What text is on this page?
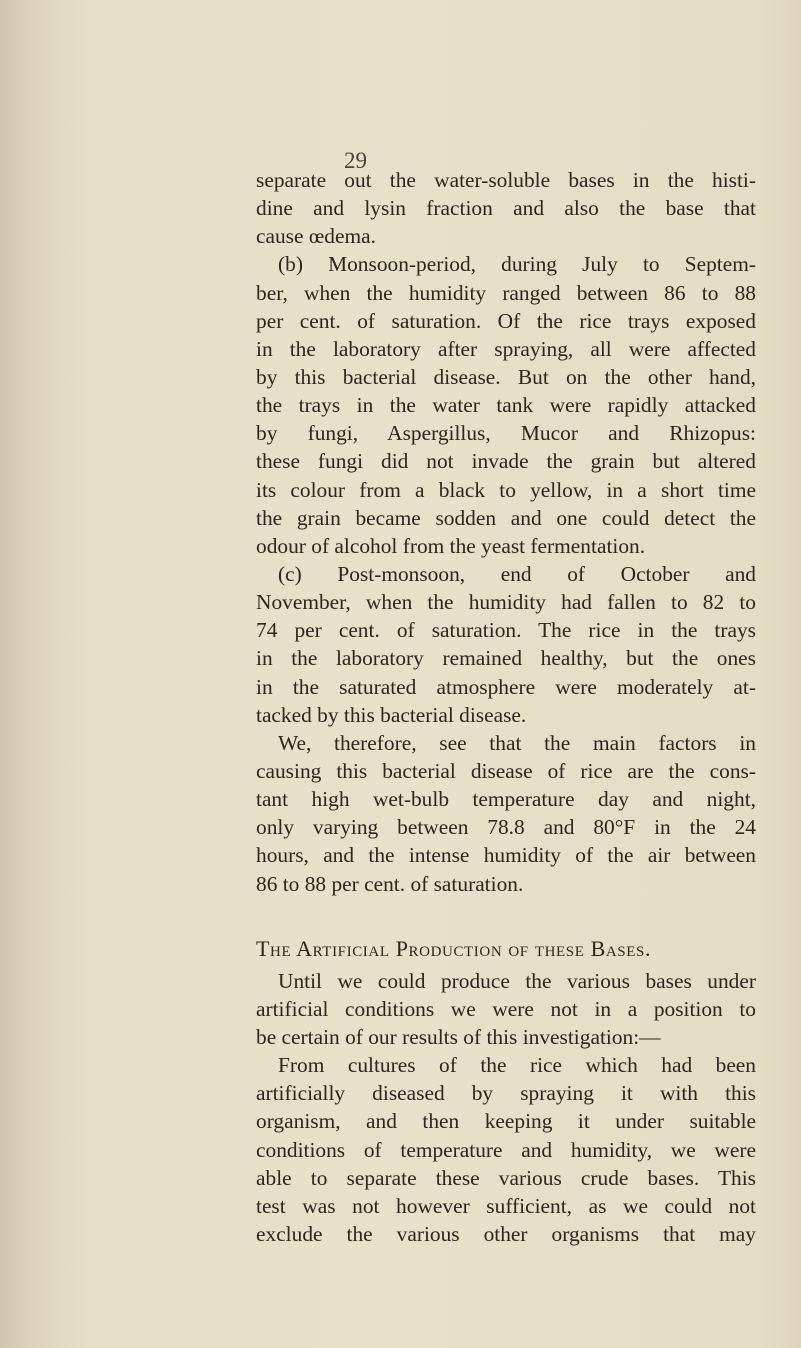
29
separate out the water-soluble bases in the histi-
dine and lysin fraction and also the base that
cause œdema.
(b) Monsoon-period, during July to Septem-
ber, when the humidity ranged between 86 to 88
per cent. of saturation. Of the rice trays exposed
in the laboratory after spraying, all were affected
by this bacterial disease. But on the other hand,
the trays in the water tank were rapidly attacked
by fungi, Aspergillus, Mucor and Rhizopus:
these fungi did not invade the grain but altered
its colour from a black to yellow, in a short time
the grain became sodden and one could detect the
odour of alcohol from the yeast fermentation.
(c) Post-monsoon, end of October and
November, when the humidity had fallen to 82 to
74 per cent. of saturation. The rice in the trays
in the laboratory remained healthy, but the ones
in the saturated atmosphere were moderately at-
tacked by this bacterial disease.
We, therefore, see that the main factors in
causing this bacterial disease of rice are the cons-
tant high wet-bulb temperature day and night,
only varying between 78.8 and 80°F in the 24
hours, and the intense humidity of the air between
86 to 88 per cent. of saturation.
The Artificial Production of these Bases.
Until we could produce the various bases under
artificial conditions we were not in a position to
be certain of our results of this investigation:—
From cultures of the rice which had been
artificially diseased by spraying it with this
organism, and then keeping it under suitable
conditions of temperature and humidity, we were
able to separate these various crude bases. This
test was not however sufficient, as we could not
exclude the various other organisms that may
